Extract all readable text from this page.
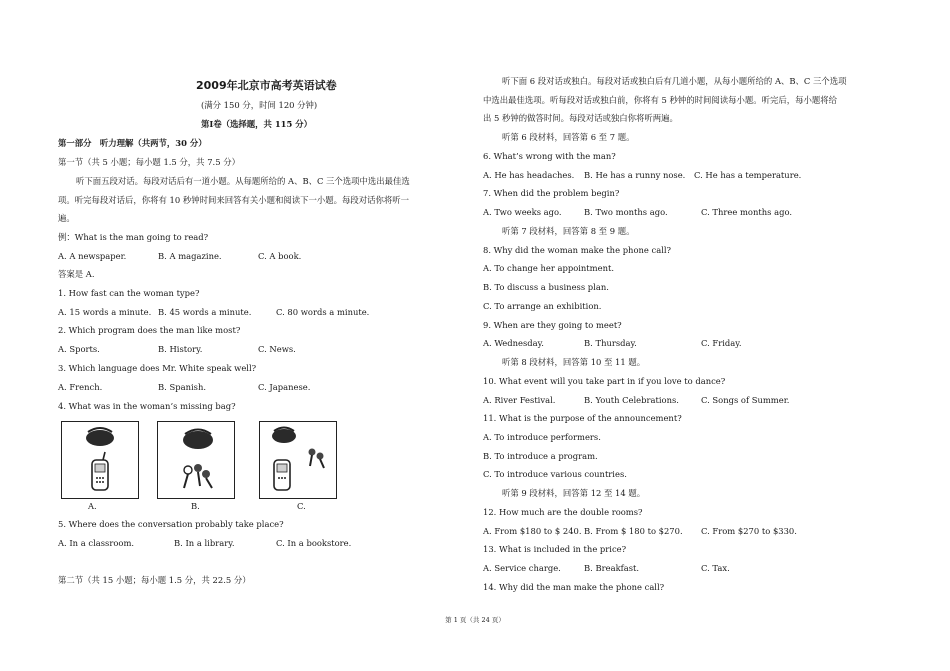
2009年北京市高考英语试卷
(满分 150 分，时间 120 分钟)
第Ⅰ卷（选择题，共 115 分）
第一部分　听力理解（共两节，30 分）
第一节（共 5 小题；每小题 1.5 分，共 7.5 分）
听下面五段对话。每段对话后有一道小题。从每题所给的 A、B、C 三个选项中选出最佳选
项。听完每段对话后，你将有 10 秒钟时间来回答有关小题和阅读下一小题。每段对话你将听一
遍。
例：What is the man going to read?
A. A newspaper.	B. A magazine.	C. A book.
答案是 A.
1. How fast can the woman type?
A. 15 words a minute. B. 45 words a minute.	C. 80 words a minute.
2. Which program does the man like most?
A. Sports.	B. History.	C. News.
3. Which language does Mr. White speak well?
A. French.	B. Spanish.	C. Japanese.
4. What was in the woman’s missing bag?
A.	B.	C.
5. Where does the conversation probably take place?
A. In a classroom.	B. In a library.	C. In a bookstore.
第二节（共 15 小题；每小题 1.5 分，共 22.5 分）
听下面 6 段对话或独白。每段对话或独白后有几道小题，从每小题所给的 A、B、C 三个选项
中选出最佳选项。听每段对话或独白前，你将有 5 秒钟的时间阅读每小题。听完后，每小题将给
出 5 秒钟的做答时间。每段对话或独白你将听两遍。
听第 6 段材料，回答第 6 至 7 题。
6. What’s wrong with the man?
A. He has headaches. B. He has a runny nose. C. He has a temperature.
7. When did the problem begin?
A. Two weeks ago.	B. Two months ago.	C. Three months ago.
听第 7 段材料，回答第 8 至 9 题。
8. Why did the woman make the phone call?
A. To change her appointment.
B. To discuss a business plan.
C. To arrange an exhibition.
9. When are they going to meet?
A. Wednesday.	B. Thursday.	C. Friday.
听第 8 段材料，回答第 10 至 11 题。
10. What event will you take part in if you love to dance?
A. River Festival.	B. Youth Celebrations.	C. Songs of Summer.
11. What is the purpose of the announcement?
A. To introduce performers.
B. To introduce a program.
C. To introduce various countries.
听第 9 段材料，回答第 12 至 14 题。
12. How much are the double rooms?
A. From $180 to $ 240. B. From $ 180 to $270. C. From $270 to $330.
13. What is included in the price?
A. Service charge.	B. Breakfast.	C. Tax.
14. Why did the man make the phone call?
第 1 页（共 24 页）
